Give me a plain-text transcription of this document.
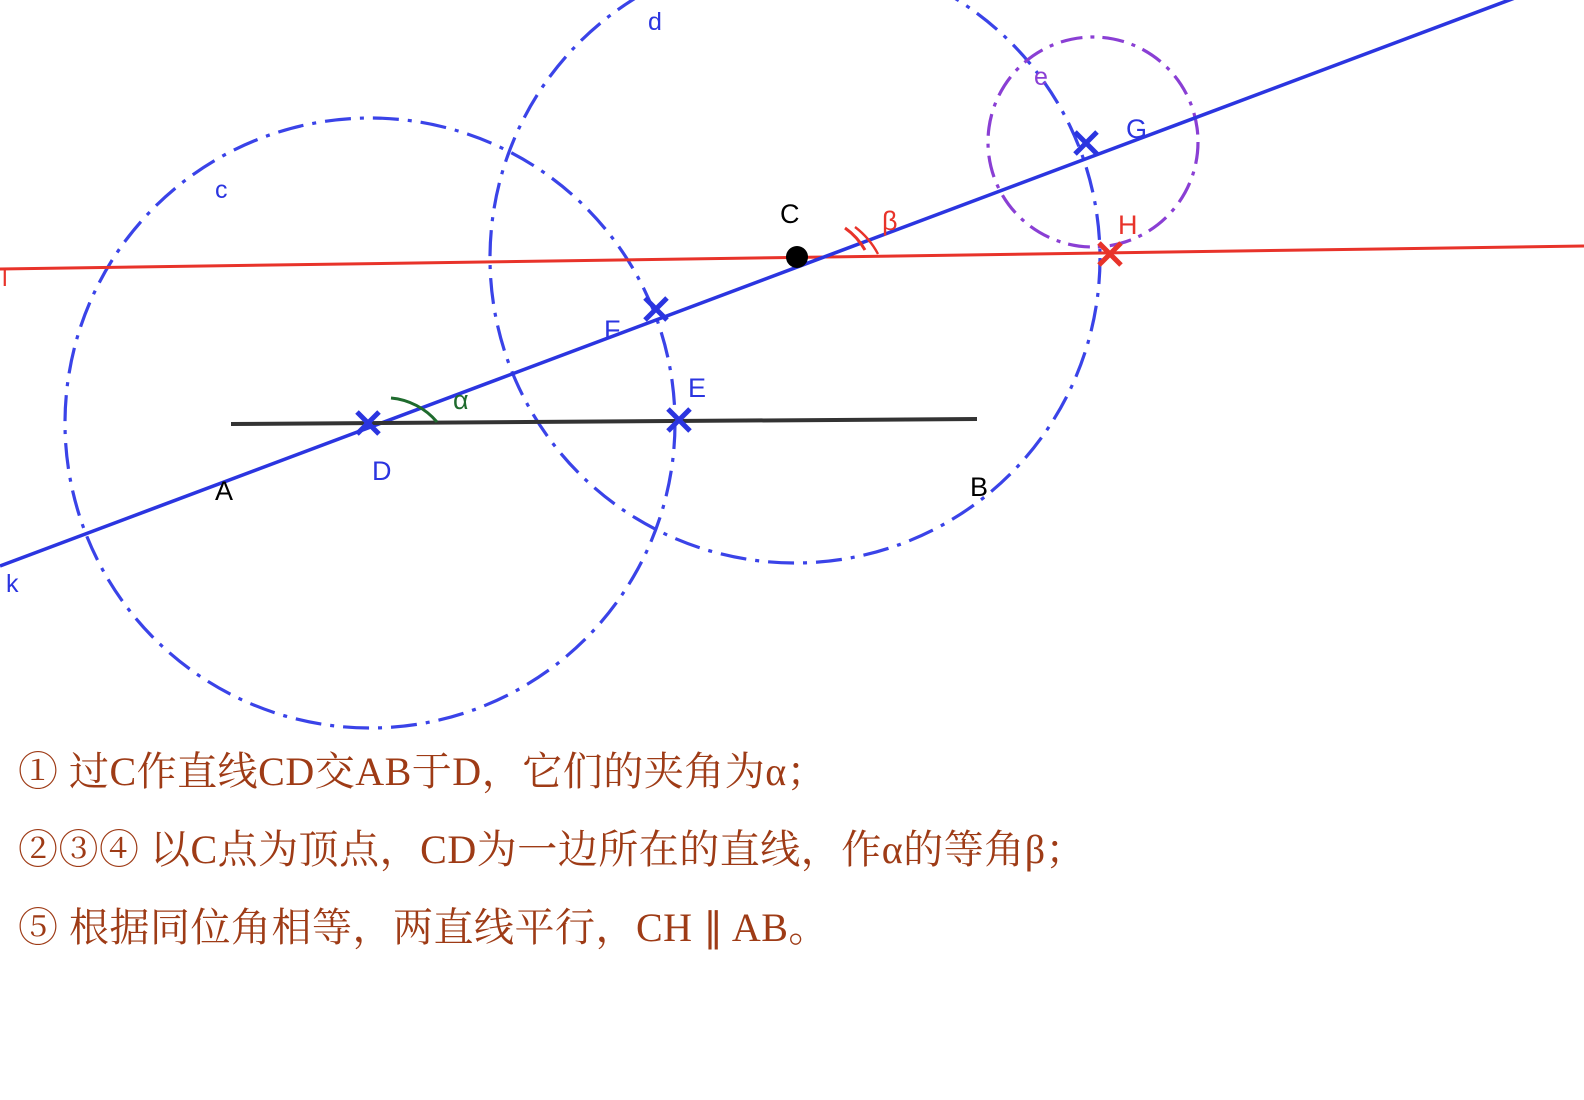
A	B
C
D
E
F
G
H
c
d
e
k
l
α
β
① 过C作直线CD交AB于D，它们的夹角为α；
②③④ 以C点为顶点，CD为一边所在的直线，作α的等角β；
⑤ 根据同位角相等，两直线平行，CH ∥ AB。
